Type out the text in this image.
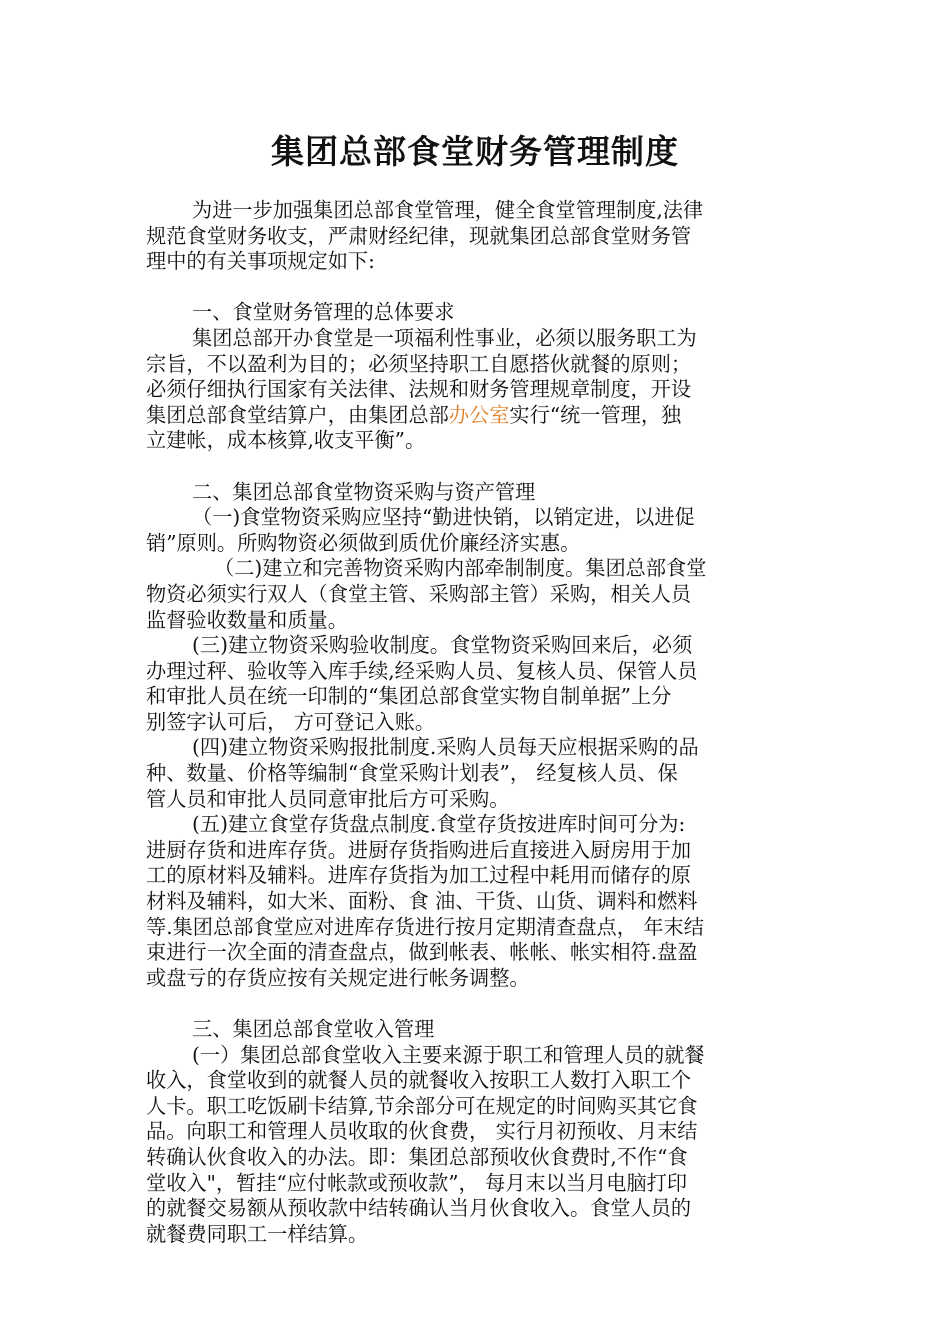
集团总部食堂财务管理制度
为进一步加强集团总部食堂管理，健全食堂管理制度,法律
规范食堂财务收支，严肃财经纪律，现就集团总部食堂财务管
理中的有关事项规定如下:
一、食堂财务管理的总体要求
集团总部开办食堂是一项福利性事业，必须以服务职工为
宗旨，不以盈利为目的；必须坚持职工自愿搭伙就餐的原则；
必须仔细执行国家有关法律、法规和财务管理规章制度，开设
集团总部食堂结算户，由集团总部办公室实行“统一管理，独
立建帐，成本核算,收支平衡”。
二、集团总部食堂物资采购与资产管理
（一)食堂物资采购应坚持“勤进快销，以销定进，以进促
销”原则。所购物资必须做到质优价廉经济实惠。
（二)建立和完善物资采购内部牵制制度。集团总部食堂
物资必须实行双人（食堂主管、采购部主管）采购，相关人员
监督验收数量和质量。
(三)建立物资采购验收制度。食堂物资采购回来后，必须
办理过秤、验收等入库手续,经采购人员、复核人员、保管人员
和审批人员在统一印制的“集团总部食堂实物自制单据”上分
别签字认可后， 方可登记入账。
(四)建立物资采购报批制度.采购人员每天应根据采购的品
种、数量、价格等编制“食堂采购计划表”， 经复核人员、保
管人员和审批人员同意审批后方可采购。
(五)建立食堂存货盘点制度.食堂存货按进库时间可分为:
进厨存货和进库存货。进厨存货指购进后直接进入厨房用于加
工的原材料及辅料。进库存货指为加工过程中耗用而储存的原
材料及辅料，如大米、面粉、食 油、干货、山货、调料和燃料
等.集团总部食堂应对进库存货进行按月定期清查盘点， 年末结
束进行一次全面的清查盘点，做到帐表、帐帐、帐实相符.盘盈
或盘亏的存货应按有关规定进行帐务调整。
三、集团总部食堂收入管理
(一）集团总部食堂收入主要来源于职工和管理人员的就餐
收入，食堂收到的就餐人员的就餐收入按职工人数打入职工个
人卡。职工吃饭刷卡结算,节余部分可在规定的时间购买其它食
品。向职工和管理人员收取的伙食费， 实行月初预收、月末结
转确认伙食收入的办法。即：集团总部预收伙食费时,不作“食
堂收入"，暂挂“应付帐款或预收款”， 每月末以当月电脑打印
的就餐交易额从预收款中结转确认当月伙食收入。食堂人员的
就餐费同职工一样结算。
